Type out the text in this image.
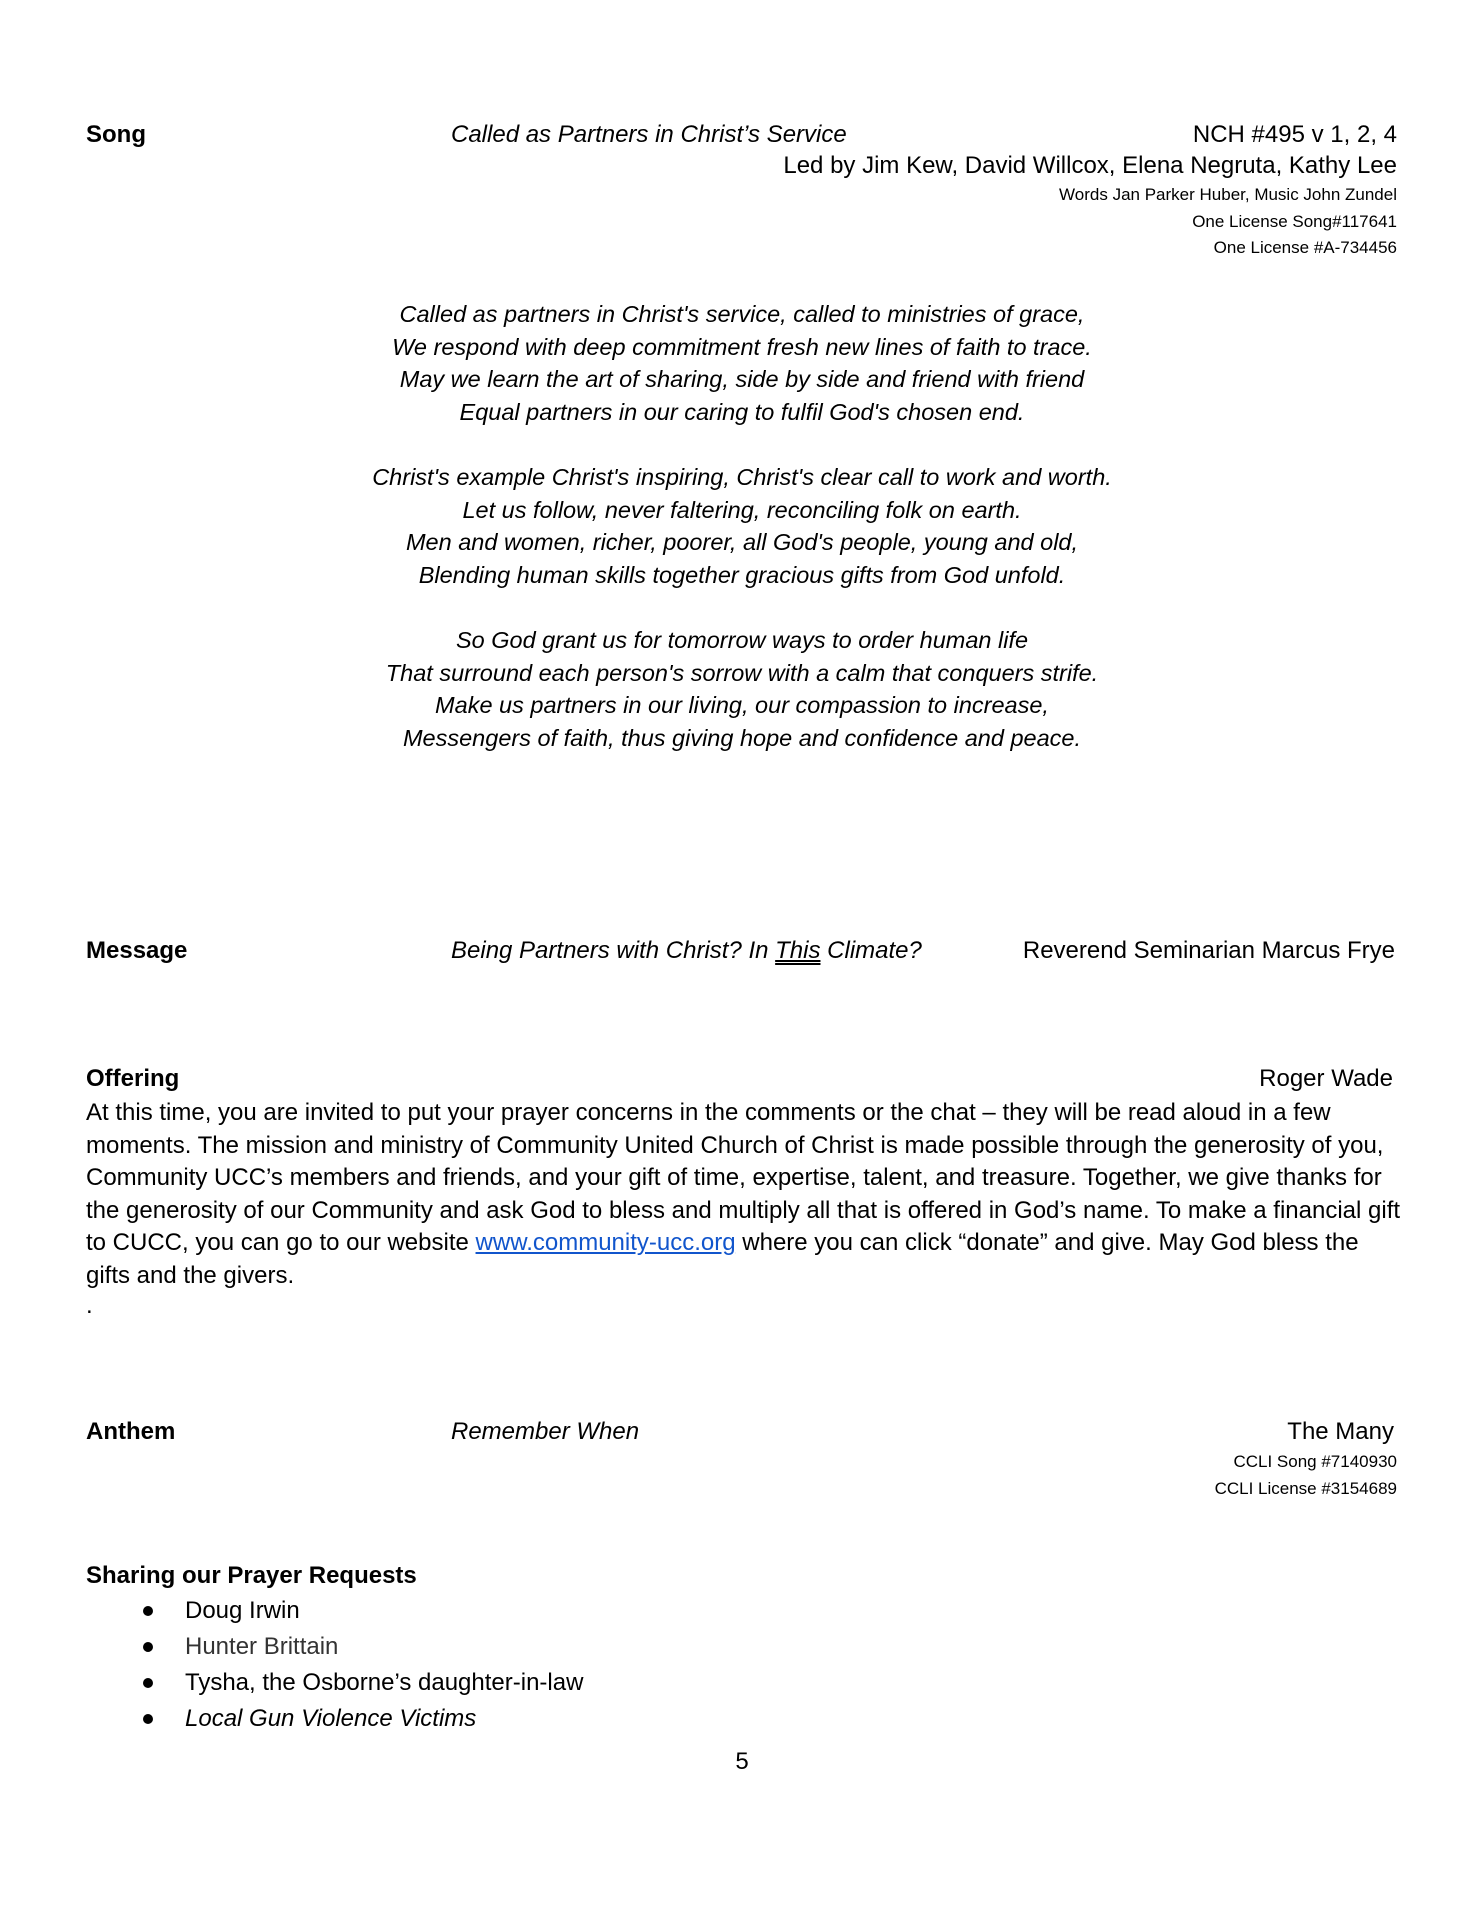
Song	Called as Partners in Christ’s Service	NCH #495 v 1, 2, 4
Led by Jim Kew, David Willcox, Elena Negruta, Kathy Lee
Words Jan Parker Huber, Music John Zundel
One License Song#117641
One License #A-734456
Called as partners in Christ's service, called to ministries of grace,
We respond with deep commitment fresh new lines of faith to trace.
May we learn the art of sharing, side by side and friend with friend
Equal partners in our caring to fulfil God's chosen end.
Christ's example Christ's inspiring, Christ's clear call to work and worth.
Let us follow, never faltering, reconciling folk on earth.
Men and women, richer, poorer, all God's people, young and old,
Blending human skills together gracious gifts from God unfold.
So God grant us for tomorrow ways to order human life
That surround each person's sorrow with a calm that conquers strife.
Make us partners in our living, our compassion to increase,
Messengers of faith, thus giving hope and confidence and peace.
Message	Being Partners with Christ? In This Climate?	Reverend Seminarian Marcus Frye
Offering	Roger Wade
At this time, you are invited to put your prayer concerns in the comments or the chat – they will be read aloud in a few moments. The mission and ministry of Community United Church of Christ is made possible through the generosity of you, Community UCC’s members and friends, and your gift of time, expertise, talent, and treasure. Together, we give thanks for the generosity of our Community and ask God to bless and multiply all that is offered in God’s name. To make a financial gift to CUCC, you can go to our website www.community-ucc.org where you can click “donate” and give. May God bless the gifts and the givers.
.
Anthem	Remember When	The Many
CCLI Song #7140930
CCLI License #3154689
Sharing our Prayer Requests
Doug Irwin
Hunter Brittain
Tysha, the Osborne’s daughter-in-law
Local Gun Violence Victims
5
